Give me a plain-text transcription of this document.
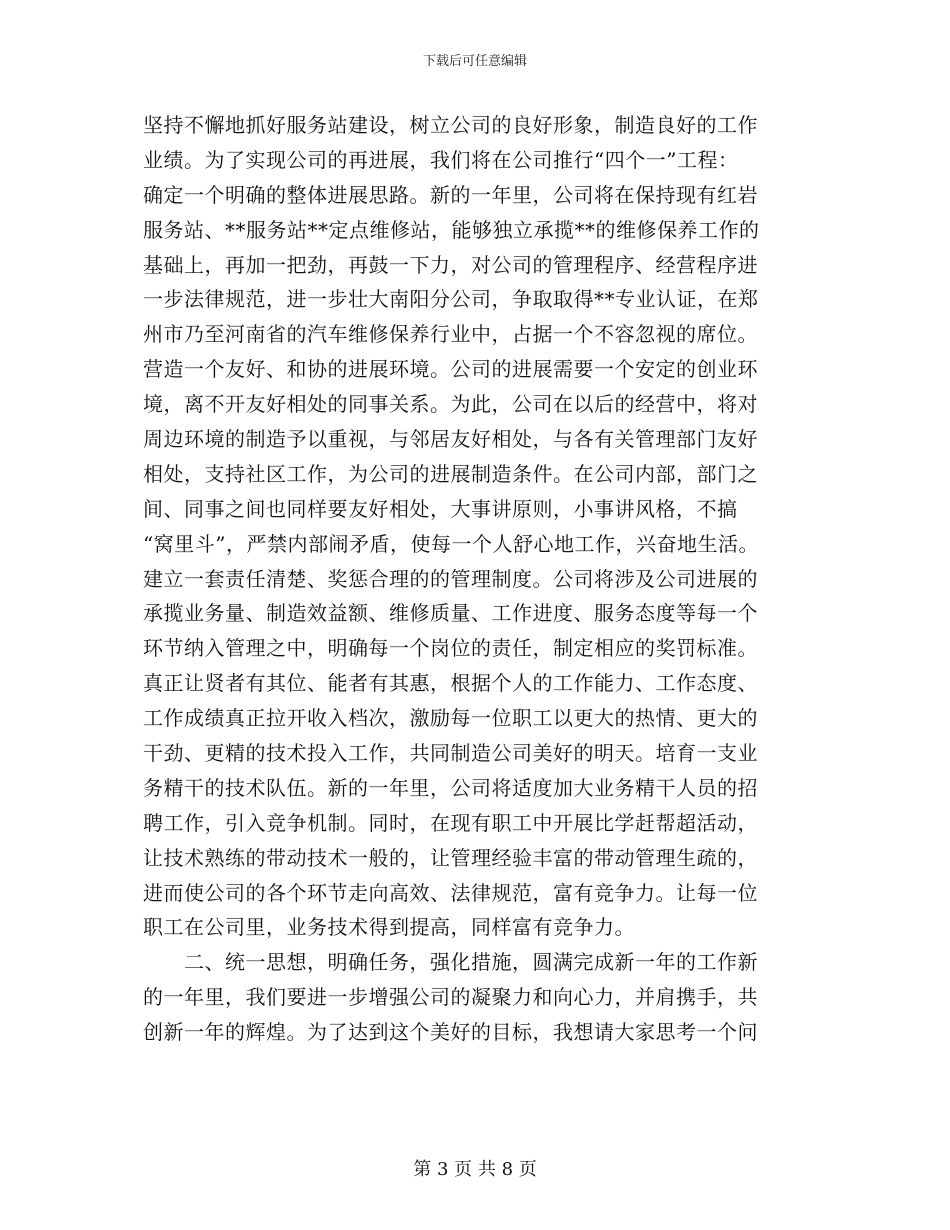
下载后可任意编辑
坚持不懈地抓好服务站建设，树立公司的良好形象，制造良好的工作
业绩。为了实现公司的再进展，我们将在公司推行“四个一”工程：
确定一个明确的整体进展思路。新的一年里，公司将在保持现有红岩
服务站、**服务站**定点维修站，能够独立承揽**的维修保养工作的
基础上，再加一把劲，再鼓一下力，对公司的管理程序、经营程序进
一步法律规范，进一步壮大南阳分公司，争取取得**专业认证，在郑
州市乃至河南省的汽车维修保养行业中，占据一个不容忽视的席位。
营造一个友好、和协的进展环境。公司的进展需要一个安定的创业环
境，离不开友好相处的同事关系。为此，公司在以后的经营中，将对
周边环境的制造予以重视，与邻居友好相处，与各有关管理部门友好
相处，支持社区工作，为公司的进展制造条件。在公司内部，部门之
间、同事之间也同样要友好相处，大事讲原则，小事讲风格，不搞
“窝里斗”，严禁内部闹矛盾，使每一个人舒心地工作，兴奋地生活。
建立一套责任清楚、奖惩合理的的管理制度。公司将涉及公司进展的
承揽业务量、制造效益额、维修质量、工作进度、服务态度等每一个
环节纳入管理之中，明确每一个岗位的责任，制定相应的奖罚标准。
真正让贤者有其位、能者有其惠，根据个人的工作能力、工作态度、
工作成绩真正拉开收入档次，激励每一位职工以更大的热情、更大的
干劲、更精的技术投入工作，共同制造公司美好的明天。培育一支业
务精干的技术队伍。新的一年里，公司将适度加大业务精干人员的招
聘工作，引入竞争机制。同时，在现有职工中开展比学赶帮超活动，
让技术熟练的带动技术一般的，让管理经验丰富的带动管理生疏的，
进而使公司的各个环节走向高效、法律规范，富有竞争力。让每一位
职工在公司里，业务技术得到提高，同样富有竞争力。
　　二、统一思想，明确任务，强化措施，圆满完成新一年的工作新
的一年里，我们要进一步增强公司的凝聚力和向心力，并肩携手，共
创新一年的辉煌。为了达到这个美好的目标，我想请大家思考一个问
第 3 页 共 8 页
